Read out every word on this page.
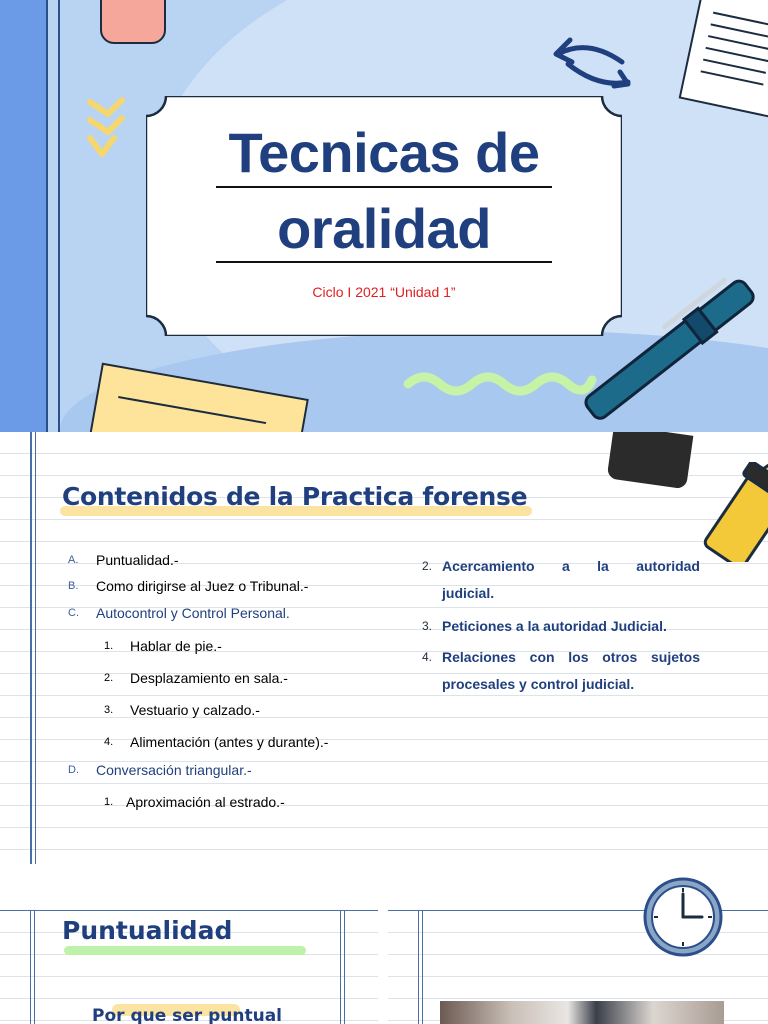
Tecnicas de
oralidad
Ciclo I 2021 “Unidad 1”
Contenidos de la Practica forense
A. Puntualidad.-
B. Como dirigirse al Juez o Tribunal.-
C. Autocontrol y Control Personal.
1. Hablar de pie.-
2. Desplazamiento en sala.-
3. Vestuario y calzado.-
4. Alimentación (antes y durante).-
D. Conversación triangular.-
1. Aproximación al estrado.-
2. Acercamiento a la autoridad
judicial.
3. Peticiones a la autoridad Judicial.
4. Relaciones con los otros sujetos
procesales y control judicial.
Puntualidad
Por que ser puntual
